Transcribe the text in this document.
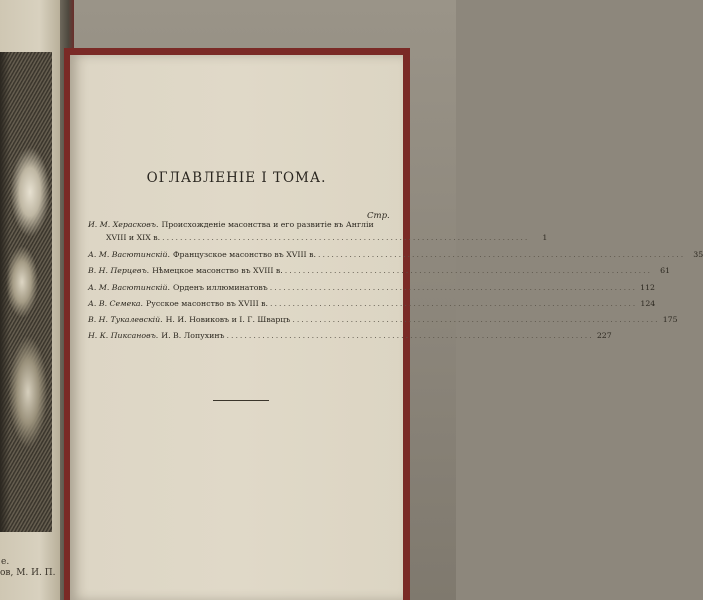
е.
ов, М. И. П.
ОГЛАВЛЕНІЕ I ТОМА.
Стр.
И. М. Херасковъ. Происхожденіе масонства и его развитіе въ Англіи
XVIII и XIX в. ..................................................................................	1
А. М. Васютинскій. Французское масонство въ XVIII в. ..................................................................................	35
В. Н. Перцевъ. Нѣмецкое масонство въ XVIII в. ..................................................................................	61
А. М. Васютинскій. Орденъ иллюминатовъ .................................................................................. 112
А. В. Семека. Русское масонство въ XVIII в. .................................................................................. 124
В. Н. Тукалевскій. Н. И. Новиковъ и I. Г. Шварцъ .................................................................................. 175
Н. К. Пиксановъ. И. В. Лопухинъ .................................................................................. 227
